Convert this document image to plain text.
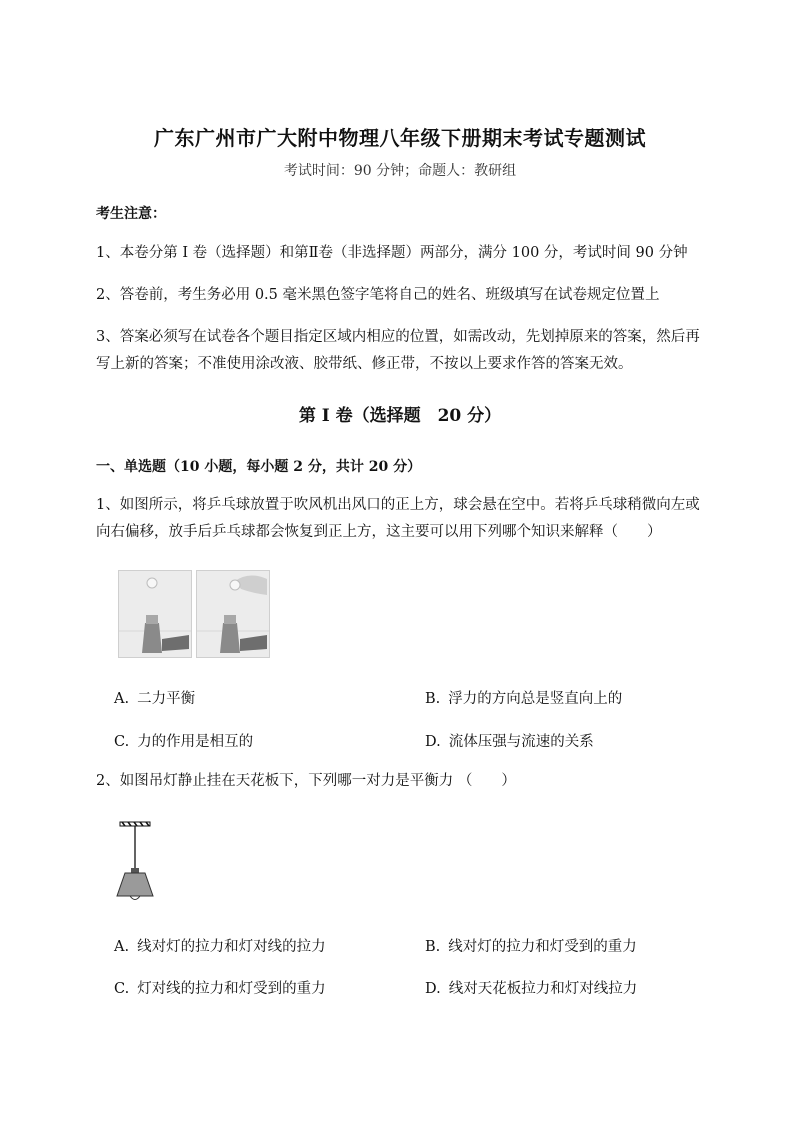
广东广州市广大附中物理八年级下册期末考试专题测试
考试时间：90 分钟；命题人：教研组
考生注意：
1、本卷分第 I 卷（选择题）和第Ⅱ卷（非选择题）两部分，满分 100 分，考试时间 90 分钟
2、答卷前，考生务必用 0.5 毫米黑色签字笔将自己的姓名、班级填写在试卷规定位置上
3、答案必须写在试卷各个题目指定区域内相应的位置，如需改动，先划掉原来的答案，然后再写上新的答案；不准使用涂改液、胶带纸、修正带，不按以上要求作答的答案无效。
第 I 卷（选择题　20 分）
一、单选题（10 小题，每小题 2 分，共计 20 分）
1、如图所示，将乒乓球放置于吹风机出风口的正上方，球会悬在空中。若将乒乓球稍微向左或向右偏移，放手后乒乓球都会恢复到正上方，这主要可以用下列哪个知识来解释（　　）
A. 二力平衡	B. 浮力的方向总是竖直向上的
C. 力的作用是相互的	D. 流体压强与流速的关系
2、如图吊灯静止挂在天花板下，下列哪一对力是平衡力 （　　）
A. 线对灯的拉力和灯对线的拉力	B. 线对灯的拉力和灯受到的重力
C. 灯对线的拉力和灯受到的重力	D. 线对天花板拉力和灯对线拉力
